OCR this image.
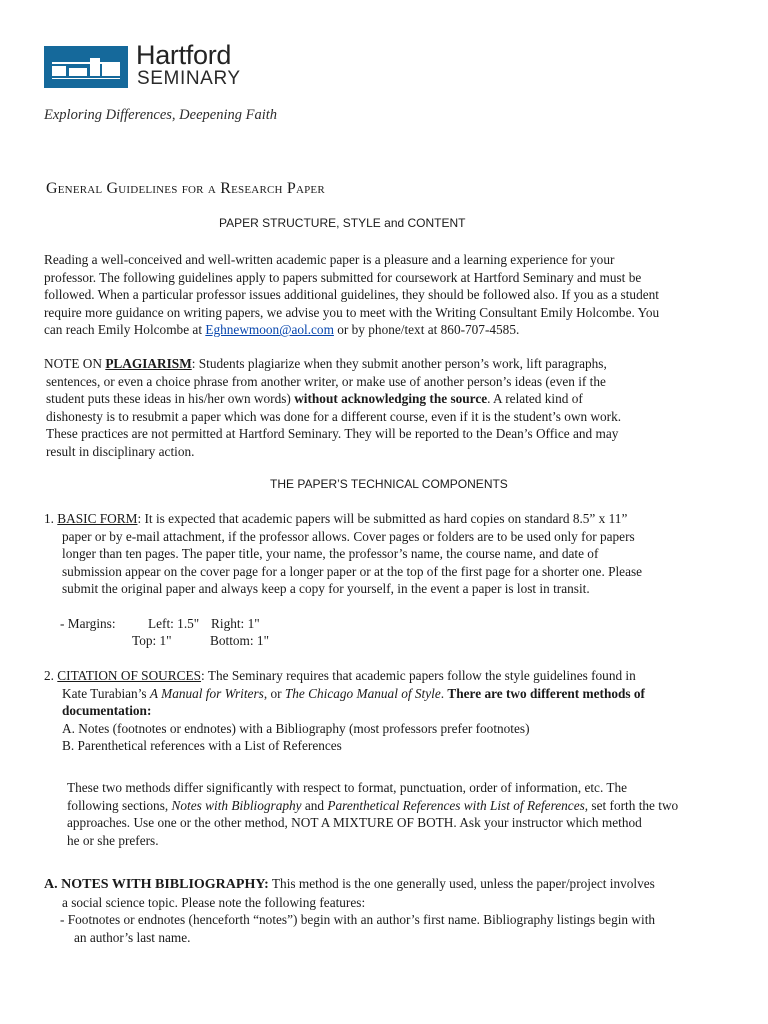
Hartford
SEMINARY
Exploring Differences, Deepening Faith
General Guidelines for a Research Paper
PAPER STRUCTURE, STYLE and CONTENT
Reading a well-conceived and well-written academic paper is a pleasure and a learning experience for your
professor. The following guidelines apply to papers submitted for coursework at Hartford Seminary and must be
followed. When a particular professor issues additional guidelines, they should be followed also. If you as a student
require more guidance on writing papers, we advise you to meet with the Writing Consultant Emily Holcombe. You
can reach Emily Holcombe at Eghnewmoon@aol.com or by phone/text at 860-707-4585.
NOTE ON PLAGIARISM: Students plagiarize when they submit another person’s work, lift paragraphs,
sentences, or even a choice phrase from another writer, or make use of another person’s ideas (even if the
student puts these ideas in his/her own words) without acknowledging the source. A related kind of
dishonesty is to resubmit a paper which was done for a different course, even if it is the student’s own work.
These practices are not permitted at Hartford Seminary. They will be reported to the Dean’s Office and may
result in disciplinary action.
THE PAPER’S TECHNICAL COMPONENTS
1. BASIC FORM: It is expected that academic papers will be submitted as hard copies on standard 8.5” x 11”
paper or by e-mail attachment, if the professor allows. Cover pages or folders are to be used only for papers
longer than ten pages. The paper title, your name, the professor’s name, the course name, and date of
submission appear on the cover page for a longer paper or at the top of the first page for a shorter one. Please
submit the original paper and always keep a copy for yourself, in the event a paper is lost in transit.
- Margins: Left: 1.5" Right: 1"
Top: 1"	Bottom: 1"
2. CITATION OF SOURCES: The Seminary requires that academic papers follow the style guidelines found in
Kate Turabian’s A Manual for Writers, or The Chicago Manual of Style. There are two different methods of
documentation:
A. Notes (footnotes or endnotes) with a Bibliography (most professors prefer footnotes)
B. Parenthetical references with a List of References
These two methods differ significantly with respect to format, punctuation, order of information, etc. The
following sections, Notes with Bibliography and Parenthetical References with List of References, set forth the two
approaches. Use one or the other method, NOT A MIXTURE OF BOTH. Ask your instructor which method
he or she prefers.
A. NOTES WITH BIBLIOGRAPHY: This method is the one generally used, unless the paper/project involves
a social science topic. Please note the following features:
- Footnotes or endnotes (henceforth “notes”) begin with an author’s first name. Bibliography listings begin with
an author’s last name.
